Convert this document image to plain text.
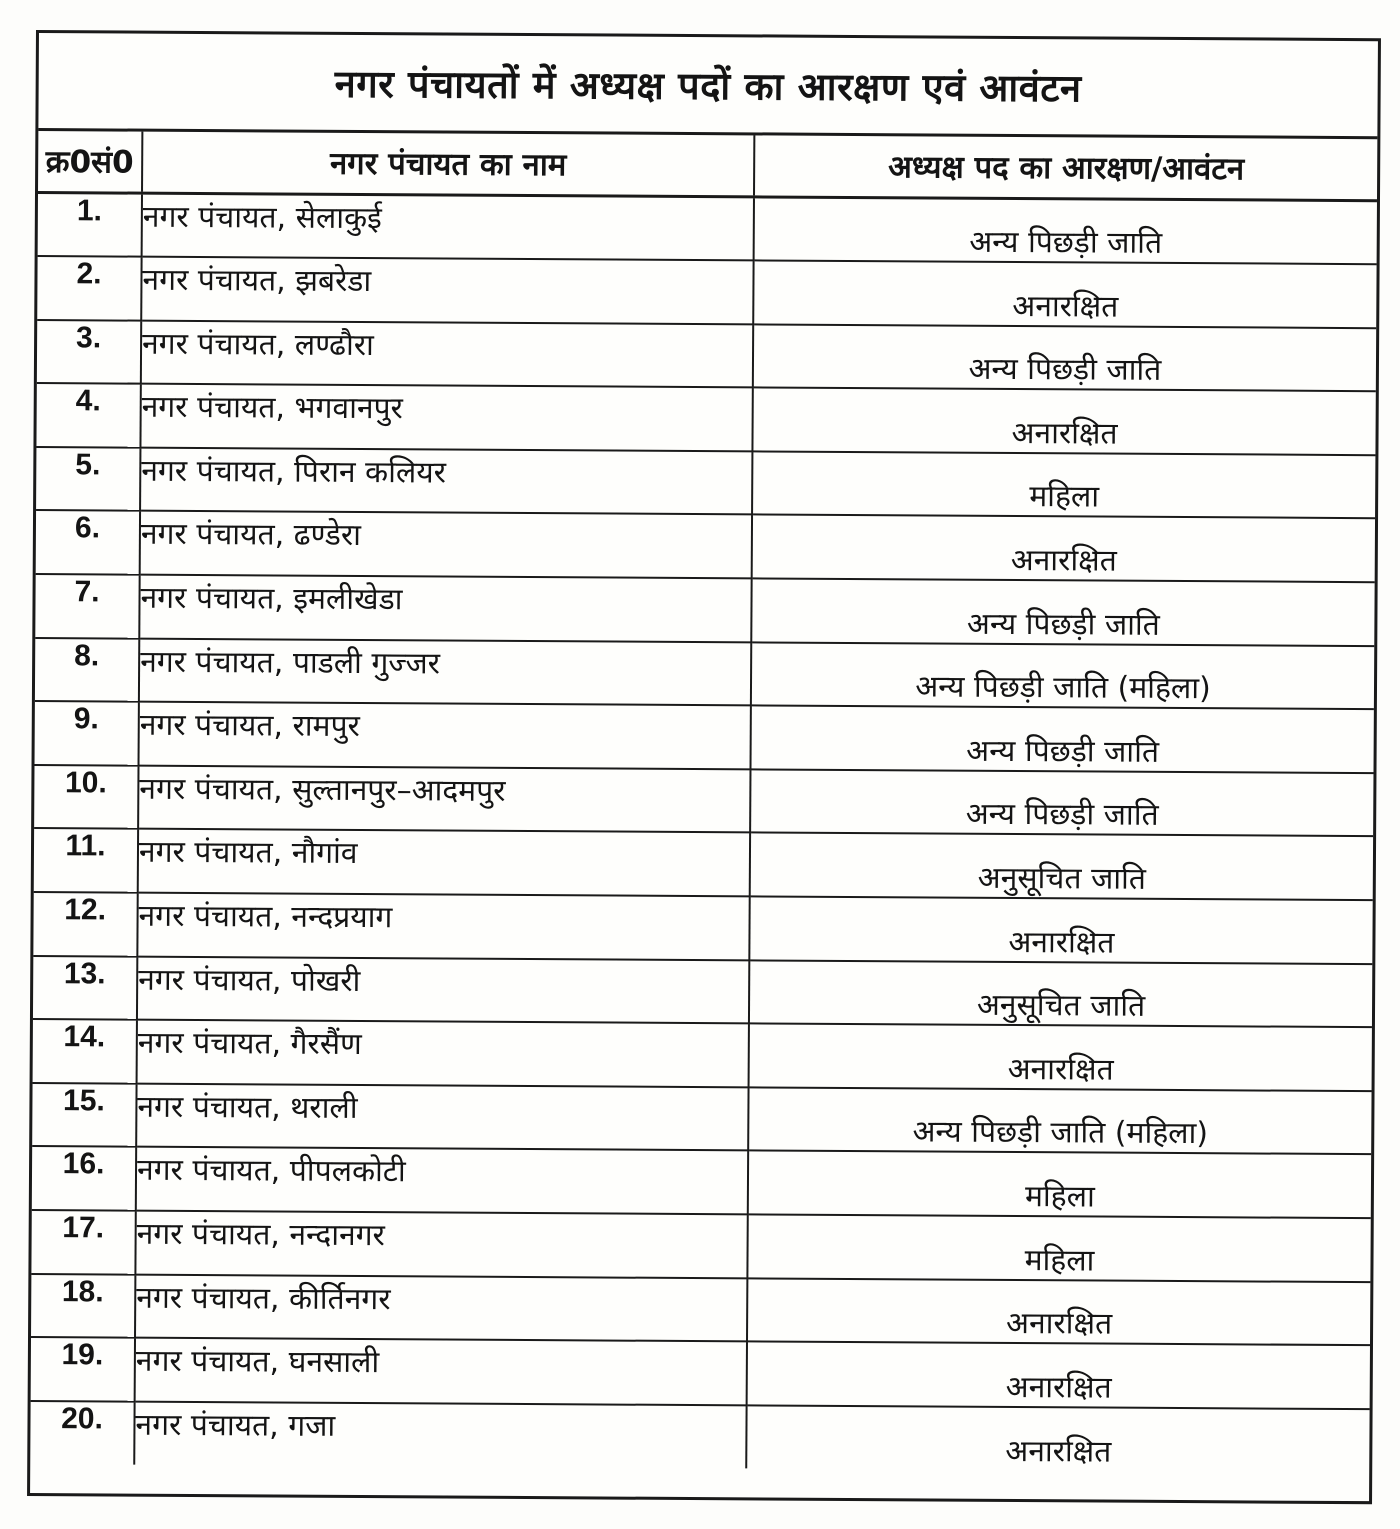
नगर पंचायतों में अध्यक्ष पदों का आरक्षण एवं आवंटन
क्र0सं0	नगर पंचायत का नाम	अध्यक्ष पद का आरक्षण/आवंटन
1.	नगर पंचायत, सेलाकुई	अन्य पिछड़ी जाति
2.	नगर पंचायत, झबरेडा	अनारक्षित
3.	नगर पंचायत, लण्ढौरा	अन्य पिछड़ी जाति
4.	नगर पंचायत, भगवानपुर	अनारक्षित
5.	नगर पंचायत, पिरान कलियर	महिला
6.	नगर पंचायत, ढण्डेरा	अनारक्षित
7.	नगर पंचायत, इमलीखेडा	अन्य पिछड़ी जाति
8.	नगर पंचायत, पाडली गुज्जर	अन्य पिछड़ी जाति (महिला)
9.	नगर पंचायत, रामपुर	अन्य पिछड़ी जाति
10.	नगर पंचायत, सुल्तानपुर–आदमपुर	अन्य पिछड़ी जाति
11.	नगर पंचायत, नौगांव	अनुसूचित जाति
12.	नगर पंचायत, नन्दप्रयाग	अनारक्षित
13.	नगर पंचायत, पोखरी	अनुसूचित जाति
14.	नगर पंचायत, गैरसैंण	अनारक्षित
15.	नगर पंचायत, थराली	अन्य पिछड़ी जाति (महिला)
16.	नगर पंचायत, पीपलकोटी	महिला
17.	नगर पंचायत, नन्दानगर	महिला
18.	नगर पंचायत, कीर्तिनगर	अनारक्षित
19.	नगर पंचायत, घनसाली	अनारक्षित
20.	नगर पंचायत, गजा	अनारक्षित
